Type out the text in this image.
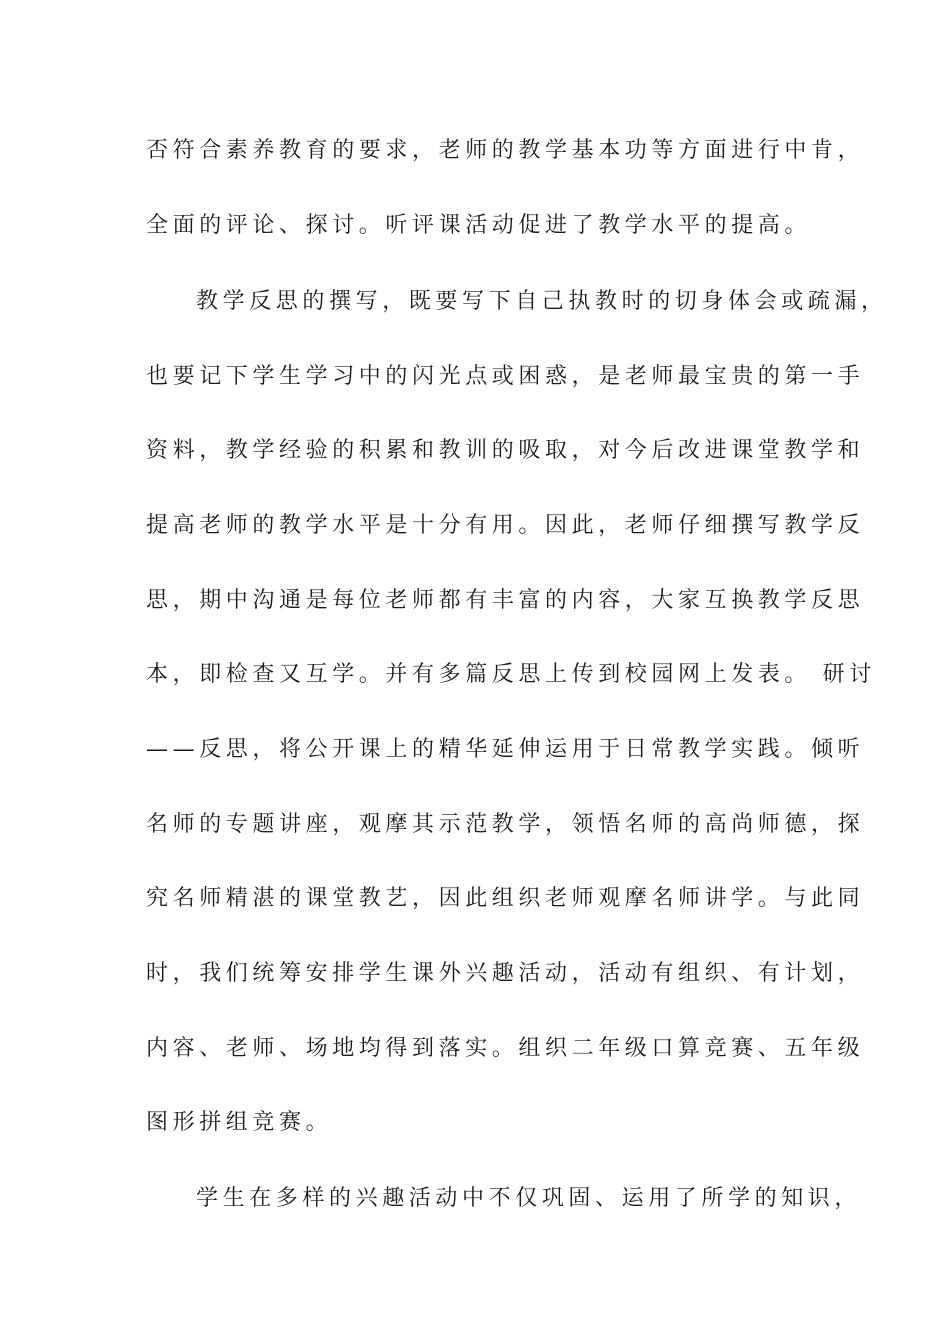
否符合素养教育的要求，老师的教学基本功等方面进行中肯，
全面的评论、探讨。听评课活动促进了教学水平的提高。
教学反思的撰写，既要写下自己执教时的切身体会或疏漏，
也要记下学生学习中的闪光点或困惑，是老师最宝贵的第一手
资料，教学经验的积累和教训的吸取，对今后改进课堂教学和
提高老师的教学水平是十分有用。因此，老师仔细撰写教学反
思，期中沟通是每位老师都有丰富的内容，大家互换教学反思
本，即检查又互学。并有多篇反思上传到校园网上发表。 研讨
——反思，将公开课上的精华延伸运用于日常教学实践。倾听
名师的专题讲座，观摩其示范教学，领悟名师的高尚师德，探
究名师精湛的课堂教艺，因此组织老师观摩名师讲学。与此同
时，我们统筹安排学生课外兴趣活动，活动有组织、有计划，
内容、老师、场地均得到落实。组织二年级口算竞赛、五年级
图形拼组竞赛。
学生在多样的兴趣活动中不仅巩固、运用了所学的知识，
